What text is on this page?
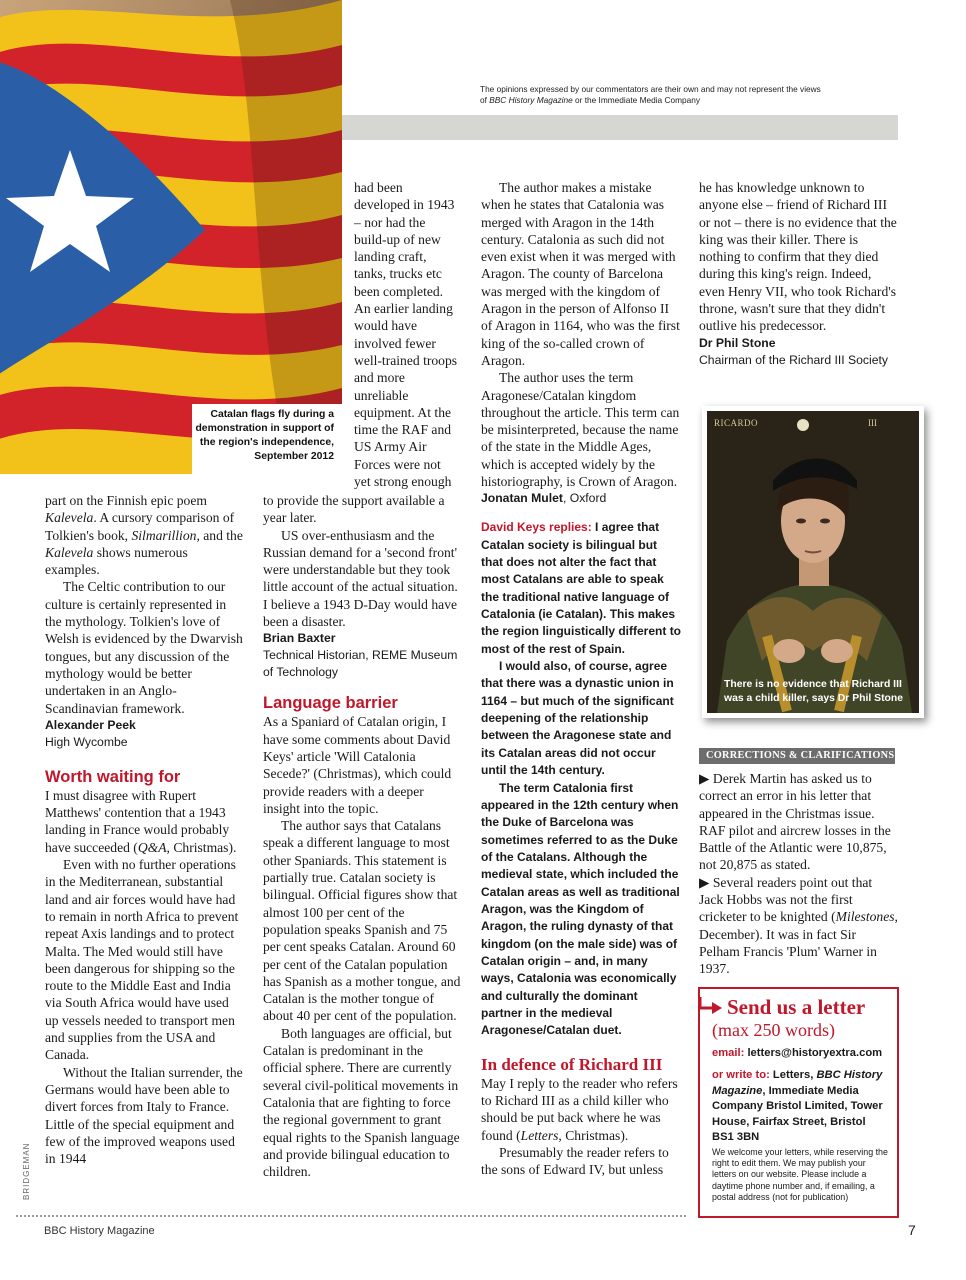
Catalan flags fly during a
demonstration in support of
the region's independence,
September 2012
The opinions expressed by our commentators are their own and may not represent the views
of BBC History Magazine or the Immediate Media Company
BRIDGEMAN

part on the Finnish epic poem Kalevela. A cursory comparison of Tolkien's book, Silmarillion, and the Kalevela shows numerous examples.

The Celtic contribution to our culture is certainly represented in the mythology. Tolkien's love of Welsh is evidenced by the Dwarvish tongues, but any discussion of the mythology would be better undertaken in an Anglo-Scandinavian framework.

Alexander Peek
High Wycombe
Worth waiting for

I must disagree with Rupert Matthews' contention that a 1943 landing in France would probably have succeeded (Q&A, Christmas).

Even with no further operations in the Mediterranean, substantial land and air forces would have had to remain in north Africa to prevent repeat Axis landings and to protect Malta. The Med would still have been dangerous for shipping so the route to the Middle East and India via South Africa would have used up vessels needed to transport men and supplies from the USA and Canada.

Without the Italian surrender, the Germans would have been able to divert forces from Italy to France. Little of the special equipment and few of the improved weapons used in 1944

had been developed in 1943 – nor had the build-up of new landing craft, tanks, trucks etc been completed. An earlier landing would have involved fewer well-trained troops and more unreliable equipment. At the time the RAF and US Army Air Forces were not yet strong enough

to provide the support available a year later.

US over-enthusiasm and the Russian demand for a 'second front' were understandable but they took little account of the actual situation. I believe a 1943 D-Day would have been a disaster.

Brian Baxter
Technical Historian, REME Museum of Technology
Language barrier

As a Spaniard of Catalan origin, I have some comments about David Keys' article 'Will Catalonia Secede?' (Christmas), which could provide readers with a deeper insight into the topic.

The author says that Catalans speak a different language to most other Spaniards. This statement is partially true. Catalan society is bilingual. Official figures show that almost 100 per cent of the population speaks Spanish and 75 per cent speaks Catalan. Around 60 per cent of the Catalan population has Spanish as a mother tongue, and Catalan is the mother tongue of about 40 per cent of the population.

Both languages are official, but Catalan is predominant in the official sphere. There are currently several civil-political movements in Catalonia that are fighting to force the regional government to grant equal rights to the Spanish language and provide bilingual education to children.

The author makes a mistake when he states that Catalonia was merged with Aragon in the 14th century. Catalonia as such did not even exist when it was merged with Aragon. The county of Barcelona was merged with the kingdom of Aragon in the person of Alfonso II of Aragon in 1164, who was the first king of the so-called crown of Aragon.

The author uses the term Aragonese/Catalan kingdom throughout the article. This term can be misinterpreted, because the name of the state in the Middle Ages, which is accepted widely by the historiography, is Crown of Aragon.

Jonatan Mulet, Oxford

David Keys replies: I agree that Catalan society is bilingual but that does not alter the fact that most Catalans are able to speak the traditional native language of Catalonia (ie Catalan). This makes the region linguistically different to most of the rest of Spain.

I would also, of course, agree that there was a dynastic union in 1164 – but much of the significant deepening of the relationship between the Aragonese state and its Catalan areas did not occur until the 14th century.

The term Catalonia first appeared in the 12th century when the Duke of Barcelona was sometimes referred to as the Duke of the Catalans. Although the medieval state, which included the Catalan areas as well as traditional Aragon, was the Kingdom of Aragon, the ruling dynasty of that kingdom (on the male side) was of Catalan origin – and, in many ways, Catalonia was economically and culturally the dominant partner in the medieval Aragonese/Catalan duet.

In defence of Richard III

May I reply to the reader who refers to Richard III as a child killer who should be put back where he was found (Letters, Christmas).

Presumably the reader refers to the sons of Edward IV, but unless

he has knowledge unknown to anyone else – friend of Richard III or not – there is no evidence that the king was their killer. There is nothing to confirm that they died during this king's reign. Indeed, even Henry VII, who took Richard's throne, wasn't sure that they didn't outlive his predecessor.

Dr Phil Stone
Chairman of the Richard III Society
RICARDO	III
There is no evidence that Richard III
was a child killer, says Dr Phil Stone
CORRECTIONS & CLARIFICATIONS

▶ Derek Martin has asked us to correct an error in his letter that appeared in the Christmas issue. RAF pilot and aircrew losses in the Battle of the Atlantic were 10,875, not 20,875 as stated.

▶ Several readers point out that Jack Hobbs was not the first cricketer to be knighted (Milestones, December). It was in fact Sir Pelham Francis 'Plum' Warner in 1937.

Send us a letter
(max 250 words)
email: letters@historyextra.com
or write to: Letters, BBC History Magazine, Immediate Media Company Bristol Limited, Tower House, Fairfax Street, Bristol BS1 3BN
We welcome your letters, while reserving the right to edit them. We may publish your letters on our website. Please include a daytime phone number and, if emailing, a postal address (not for publication)
BBC History Magazine	7
